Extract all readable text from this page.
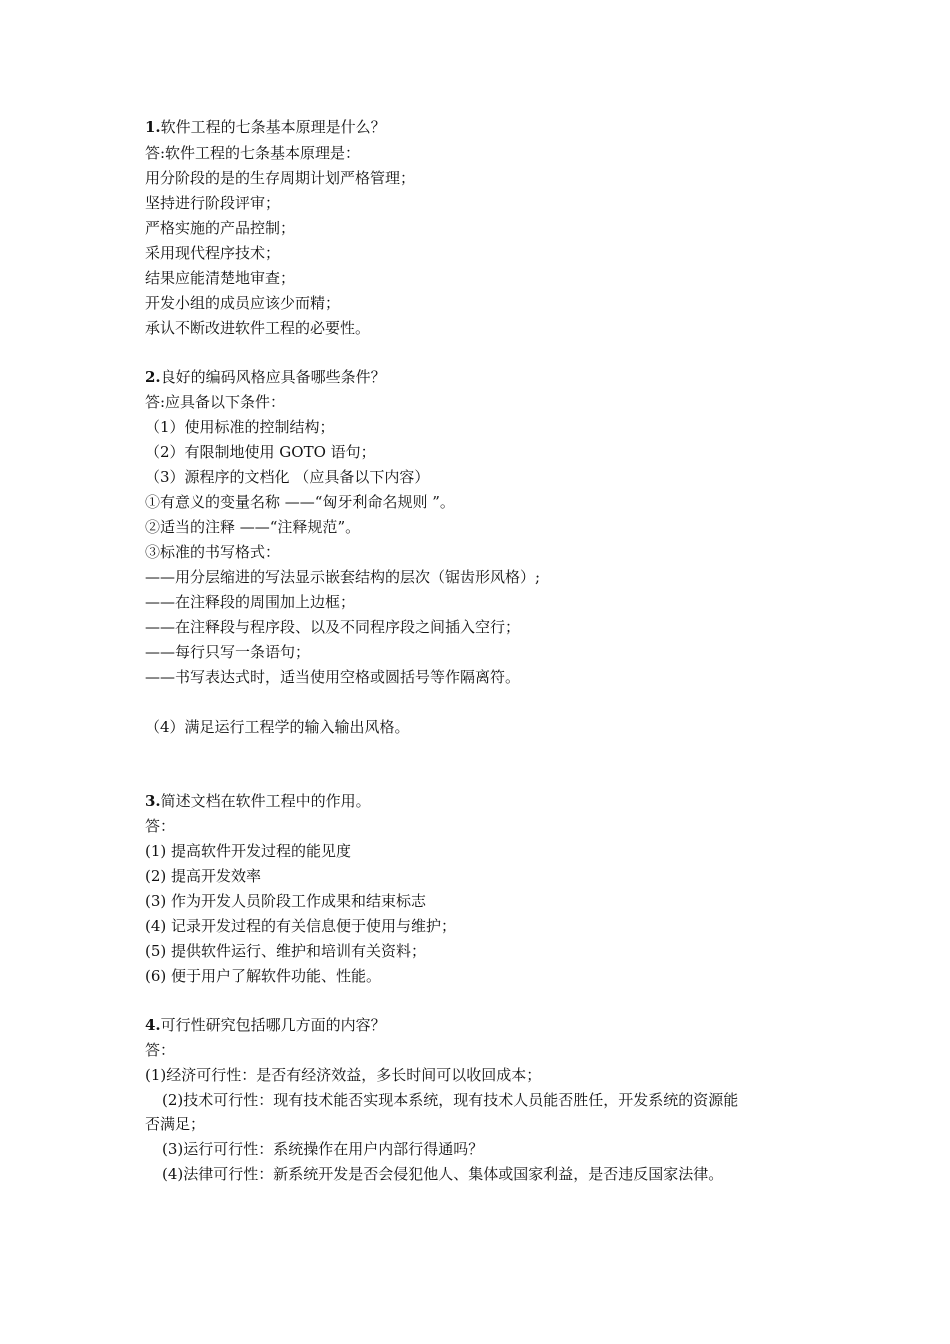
1.软件工程的七条基本原理是什么？
答:软件工程的七条基本原理是：
用分阶段的是的生存周期计划严格管理；
坚持进行阶段评审；
严格实施的产品控制；
采用现代程序技术；
结果应能清楚地审查；
开发小组的成员应该少而精；
承认不断改进软件工程的必要性。
2.良好的编码风格应具备哪些条件？
答:应具备以下条件：
（1）使用标准的控制结构；
（2）有限制地使用 GOTO 语句；
（3）源程序的文档化 （应具备以下内容）
①有意义的变量名称 ——“匈牙利命名规则 ”。
②适当的注释 ——“注释规范”。
③标准的书写格式：
——用分层缩进的写法显示嵌套结构的层次（锯齿形风格）;
——在注释段的周围加上边框；
——在注释段与程序段、以及不同程序段之间插入空行；
——每行只写一条语句；
——书写表达式时，适当使用空格或圆括号等作隔离符。
（4）满足运行工程学的输入输出风格。
3.简述文档在软件工程中的作用。
答：
(1) 提高软件开发过程的能见度
(2) 提高开发效率
(3) 作为开发人员阶段工作成果和结束标志
(4) 记录开发过程的有关信息便于使用与维护；
(5) 提供软件运行、维护和培训有关资料；
(6) 便于用户了解软件功能、性能。
4.可行性研究包括哪几方面的内容？
答：
(1)经济可行性：是否有经济效益，多长时间可以收回成本；
(2)技术可行性：现有技术能否实现本系统，现有技术人员能否胜任，开发系统的资源能
否满足；
(3)运行可行性：系统操作在用户内部行得通吗？
(4)法律可行性：新系统开发是否会侵犯他人、集体或国家利益，是否违反国家法律。
